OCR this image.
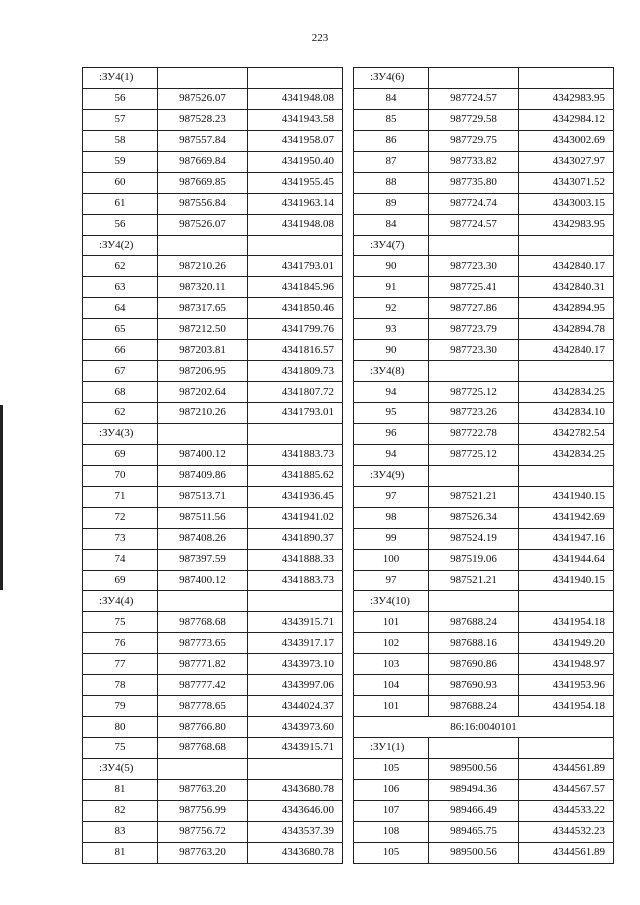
223
:ЗУ4(1)		
56	987526.07	4341948.08
57	987528.23	4341943.58
58	987557.84	4341958.07
59	987669.84	4341950.40
60	987669.85	4341955.45
61	987556.84	4341963.14
56	987526.07	4341948.08
:ЗУ4(2)		
62	987210.26	4341793.01
63	987320.11	4341845.96
64	987317.65	4341850.46
65	987212.50	4341799.76
66	987203.81	4341816.57
67	987206.95	4341809.73
68	987202.64	4341807.72
62	987210.26	4341793.01
:ЗУ4(3)		
69	987400.12	4341883.73
70	987409.86	4341885.62
71	987513.71	4341936.45
72	987511.56	4341941.02
73	987408.26	4341890.37
74	987397.59	4341888.33
69	987400.12	4341883.73
:ЗУ4(4)		
75	987768.68	4343915.71
76	987773.65	4343917.17
77	987771.82	4343973.10
78	987777.42	4343997.06
79	987778.65	4344024.37
80	987766.80	4343973.60
75	987768.68	4343915.71
:ЗУ4(5)		
81	987763.20	4343680.78
82	987756.99	4343646.00
83	987756.72	4343537.39
81	987763.20	4343680.78
:ЗУ4(6)		
84	987724.57	4342983.95
85	987729.58	4342984.12
86	987729.75	4343002.69
87	987733.82	4343027.97
88	987735.80	4343071.52
89	987724.74	4343003.15
84	987724.57	4342983.95
:ЗУ4(7)		
90	987723.30	4342840.17
91	987725.41	4342840.31
92	987727.86	4342894.95
93	987723.79	4342894.78
90	987723.30	4342840.17
:ЗУ4(8)		
94	987725.12	4342834.25
95	987723.26	4342834.10
96	987722.78	4342782.54
94	987725.12	4342834.25
:ЗУ4(9)		
97	987521.21	4341940.15
98	987526.34	4341942.69
99	987524.19	4341947.16
100	987519.06	4341944.64
97	987521.21	4341940.15
:ЗУ4(10)		
101	987688.24	4341954.18
102	987688.16	4341949.20
103	987690.86	4341948.97
104	987690.93	4341953.96
101	987688.24	4341954.18
86:16:0040101		
:ЗУ1(1)		
105	989500.56	4344561.89
106	989494.36	4344567.57
107	989466.49	4344533.22
108	989465.75	4344532.23
105	989500.56	4344561.89
